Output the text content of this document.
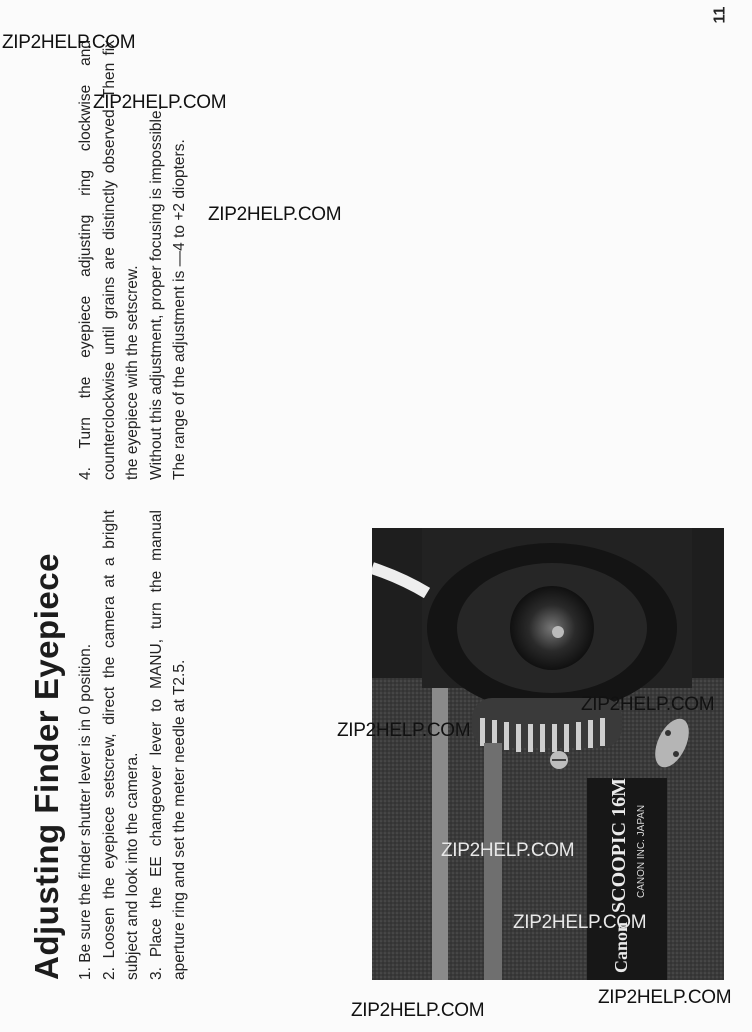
Adjusting Finder Eyepiece 1. Be sure the finder shutter lever is in 0 position. 2. Loosen the eyepiece setscrew, direct the camera at a bright subject and look into the camera. 3. Place the EE changeover lever to MANU, turn the manual aperture ring and set the meter needle at T2.5.

4. Turn the eyepiece adjusting ring clockwise and counterclockwise until grains are distinctly observed. Then fix the eyepiece with the setscrew. Without this adjustment, proper focusing is impossible. The range of the adjustment is —4 to +2 diopters.

11
Canon
SCOOPIC 16M CANON INC. JAPAN
ZIP2HELP.COM
ZIP2HELP.COM
ZIP2HELP.COM
ZIP2HELP.COM
ZIP2HELP.COM
ZIP2HELP.COM
ZIP2HELP.COM
ZIP2HELP.COM
ZIP2HELP.COM
